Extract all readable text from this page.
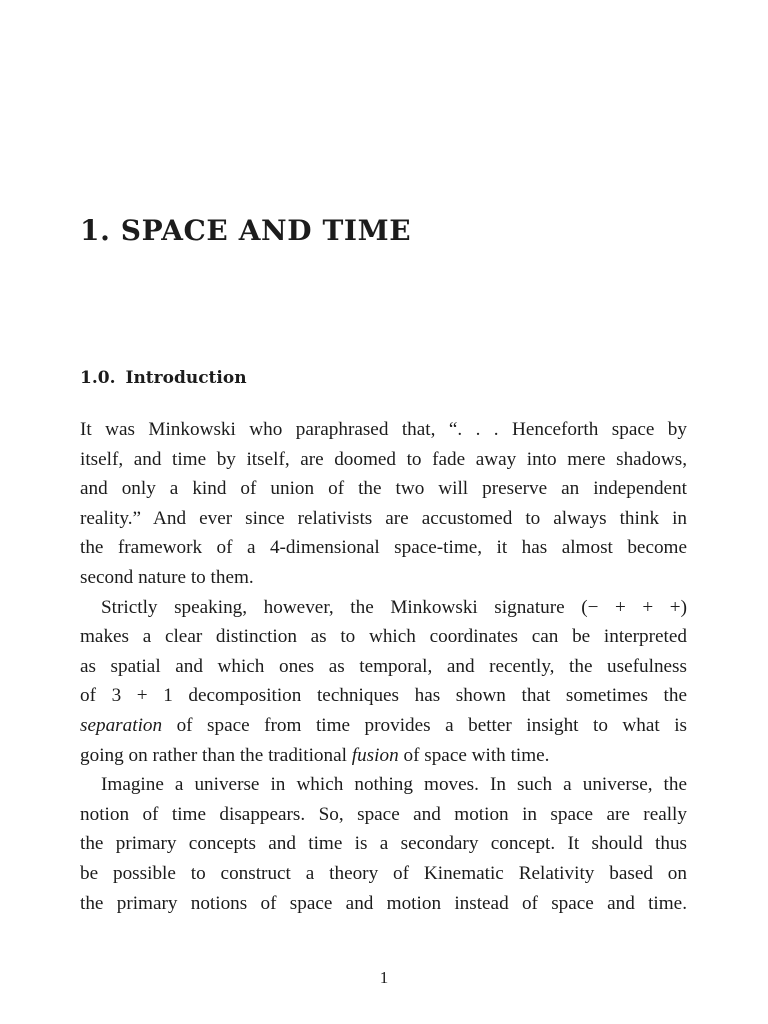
1. SPACE AND TIME
1.0. Introduction
It was Minkowski who paraphrased that, “. . . Henceforth space by
itself, and time by itself, are doomed to fade away into mere shadows,
and only a kind of union of the two will preserve an independent
reality.” And ever since relativists are accustomed to always think in
the framework of a 4-dimensional space-time, it has almost become
second nature to them.
Strictly speaking, however, the Minkowski signature (− + + +)
makes a clear distinction as to which coordinates can be interpreted
as spatial and which ones as temporal, and recently, the usefulness
of 3 + 1 decomposition techniques has shown that sometimes the
separation of space from time provides a better insight to what is
going on rather than the traditional fusion of space with time.
Imagine a universe in which nothing moves. In such a universe, the
notion of time disappears. So, space and motion in space are really
the primary concepts and time is a secondary concept. It should thus
be possible to construct a theory of Kinematic Relativity based on
the primary notions of space and motion instead of space and time.
1
